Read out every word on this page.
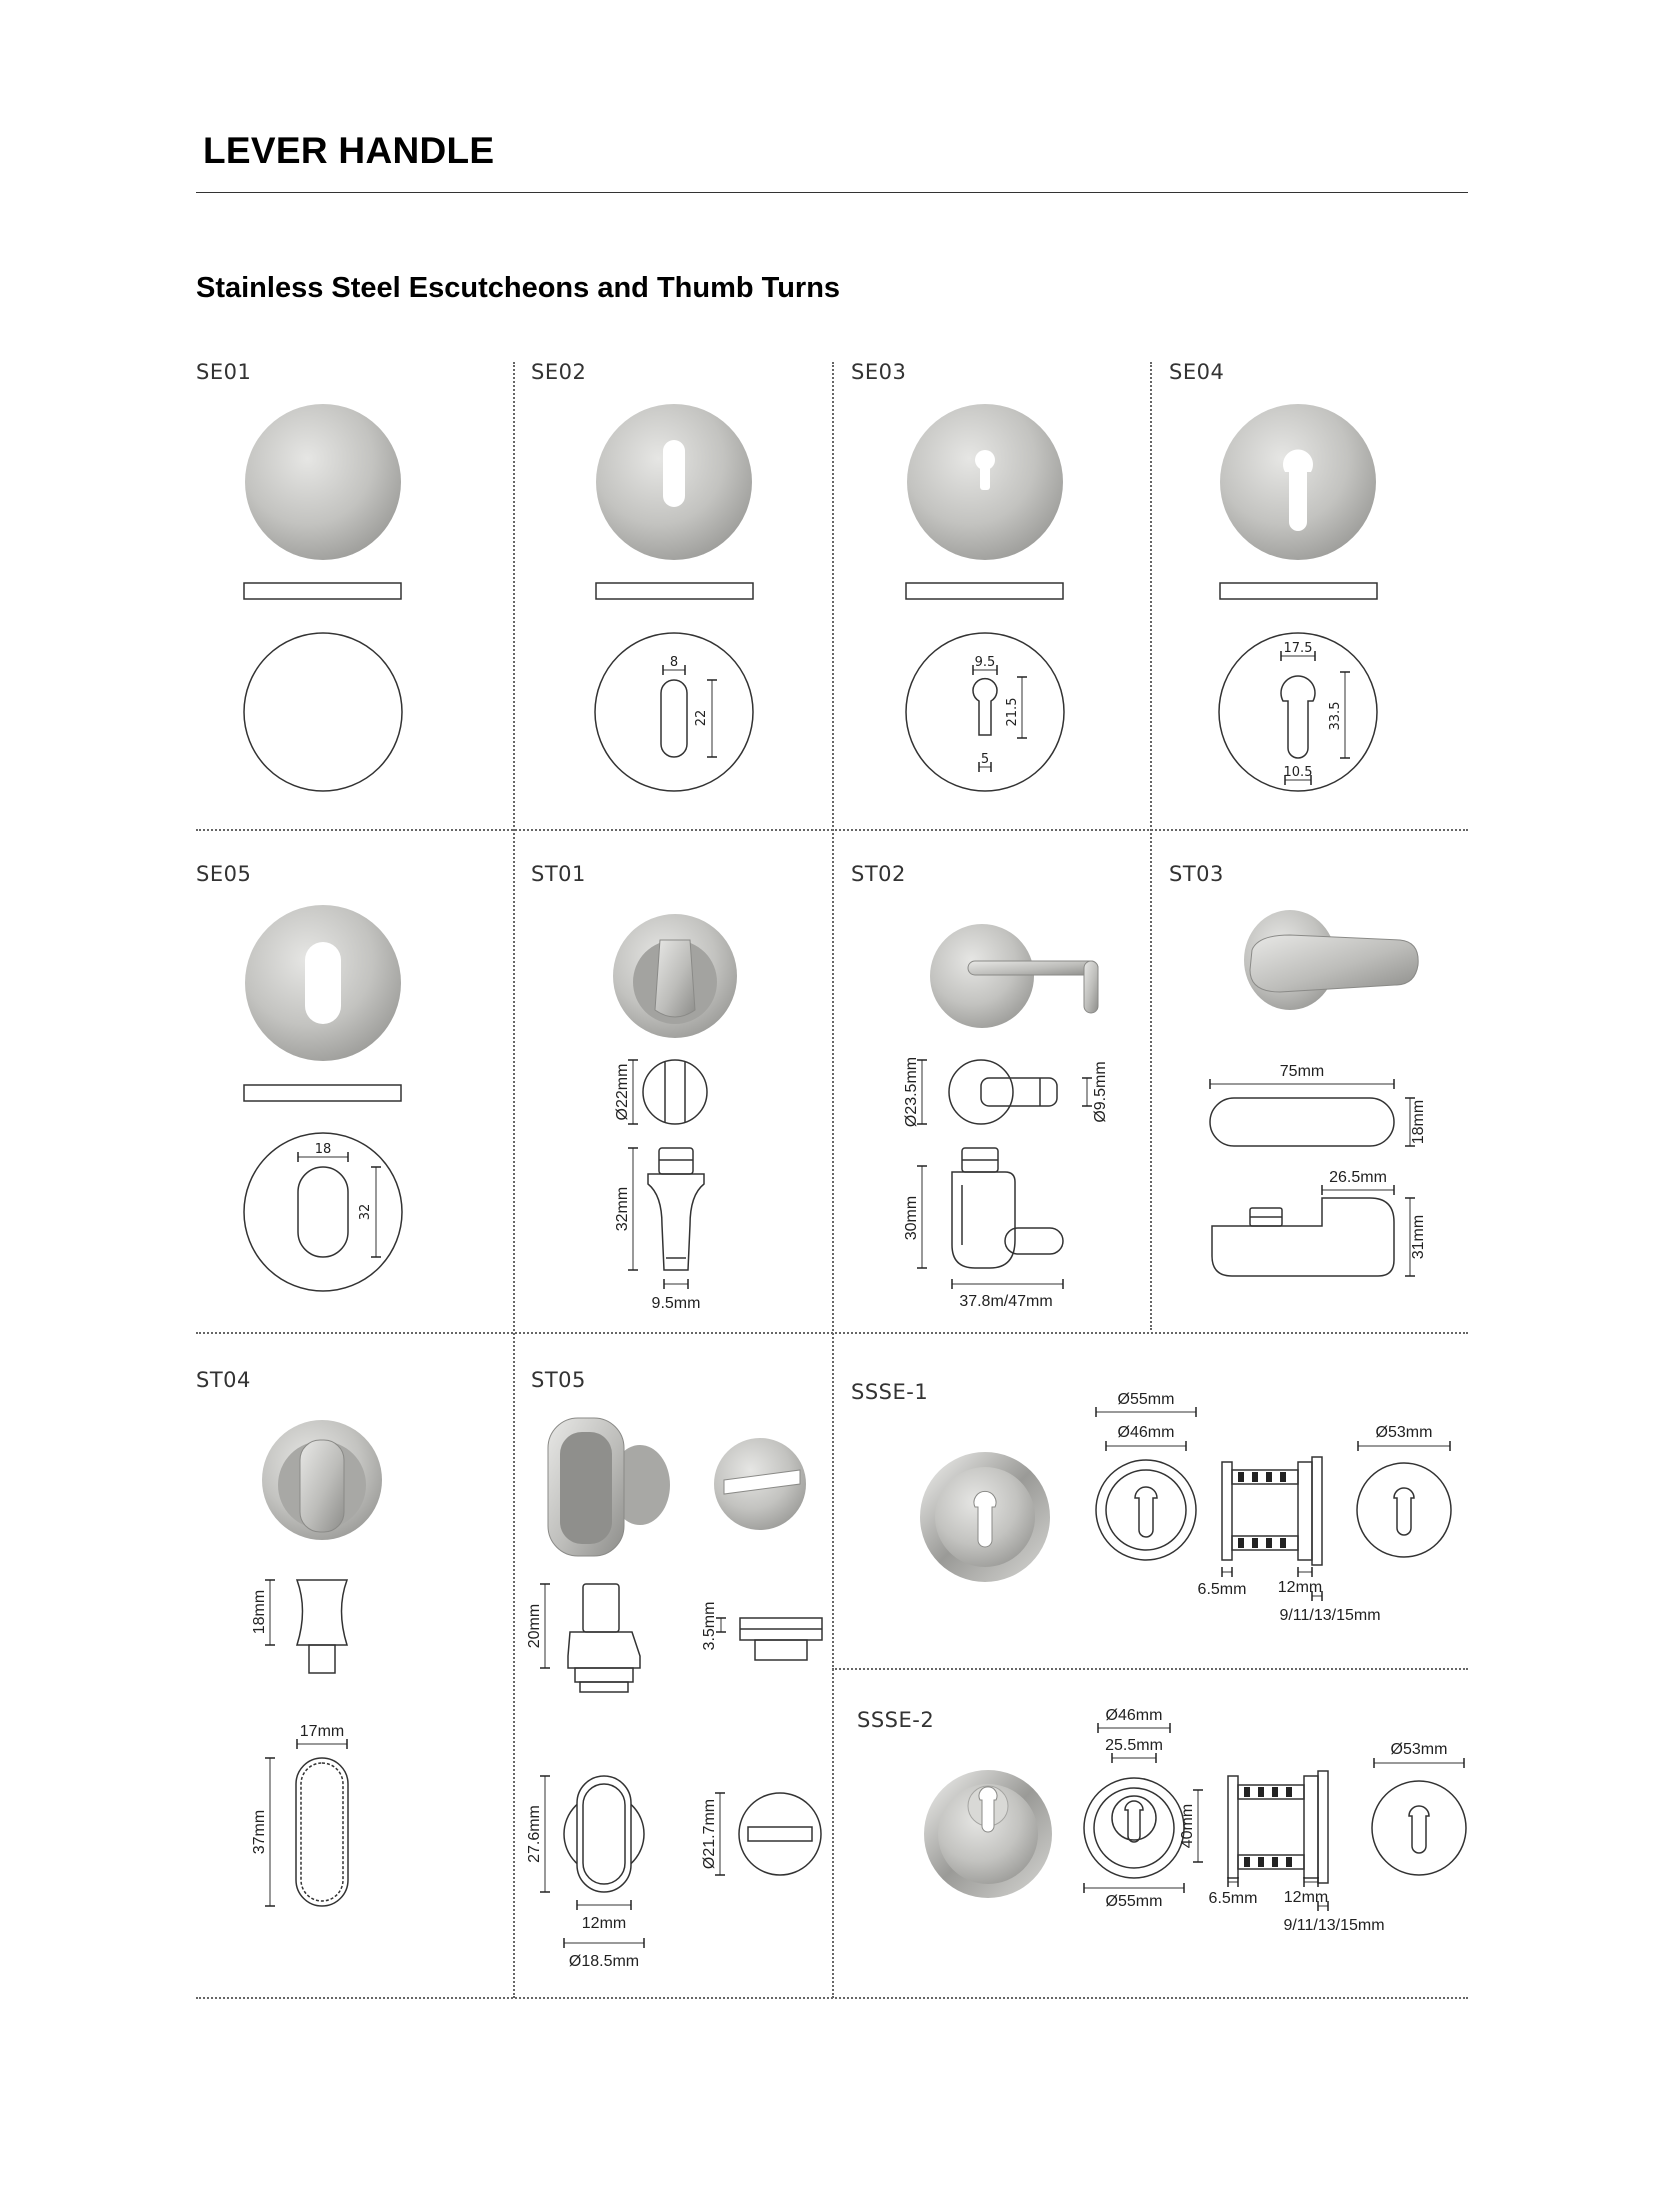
LEVER HANDLE
Stainless Steel Escutcheons and Thumb Turns
SE01	SE02	SE03	SE04
SE05	ST01	ST02	ST03
ST04	ST05	SSSE-1
SSSE-2
8
22
9.5
21.5
5
17.5
33.5
10.5
18
32
Ø22mm
32mm
9.5mm
Ø23.5mm	Ø9.5mm
30mm
37.8m/47mm
75mm
18mm
26.5mm
31mm
18mm
17mm
37mm
20mm	3.5mm
27.6mm	Ø21.7mm
12mm
Ø18.5mm
Ø55mm
Ø46mm	Ø53mm
6.5mm 12mm
9/11/13/15mm
Ø46mm
25.5mm	Ø53mm
40mm
Ø55mm	6.5mm 12mm
9/11/13/15mm
